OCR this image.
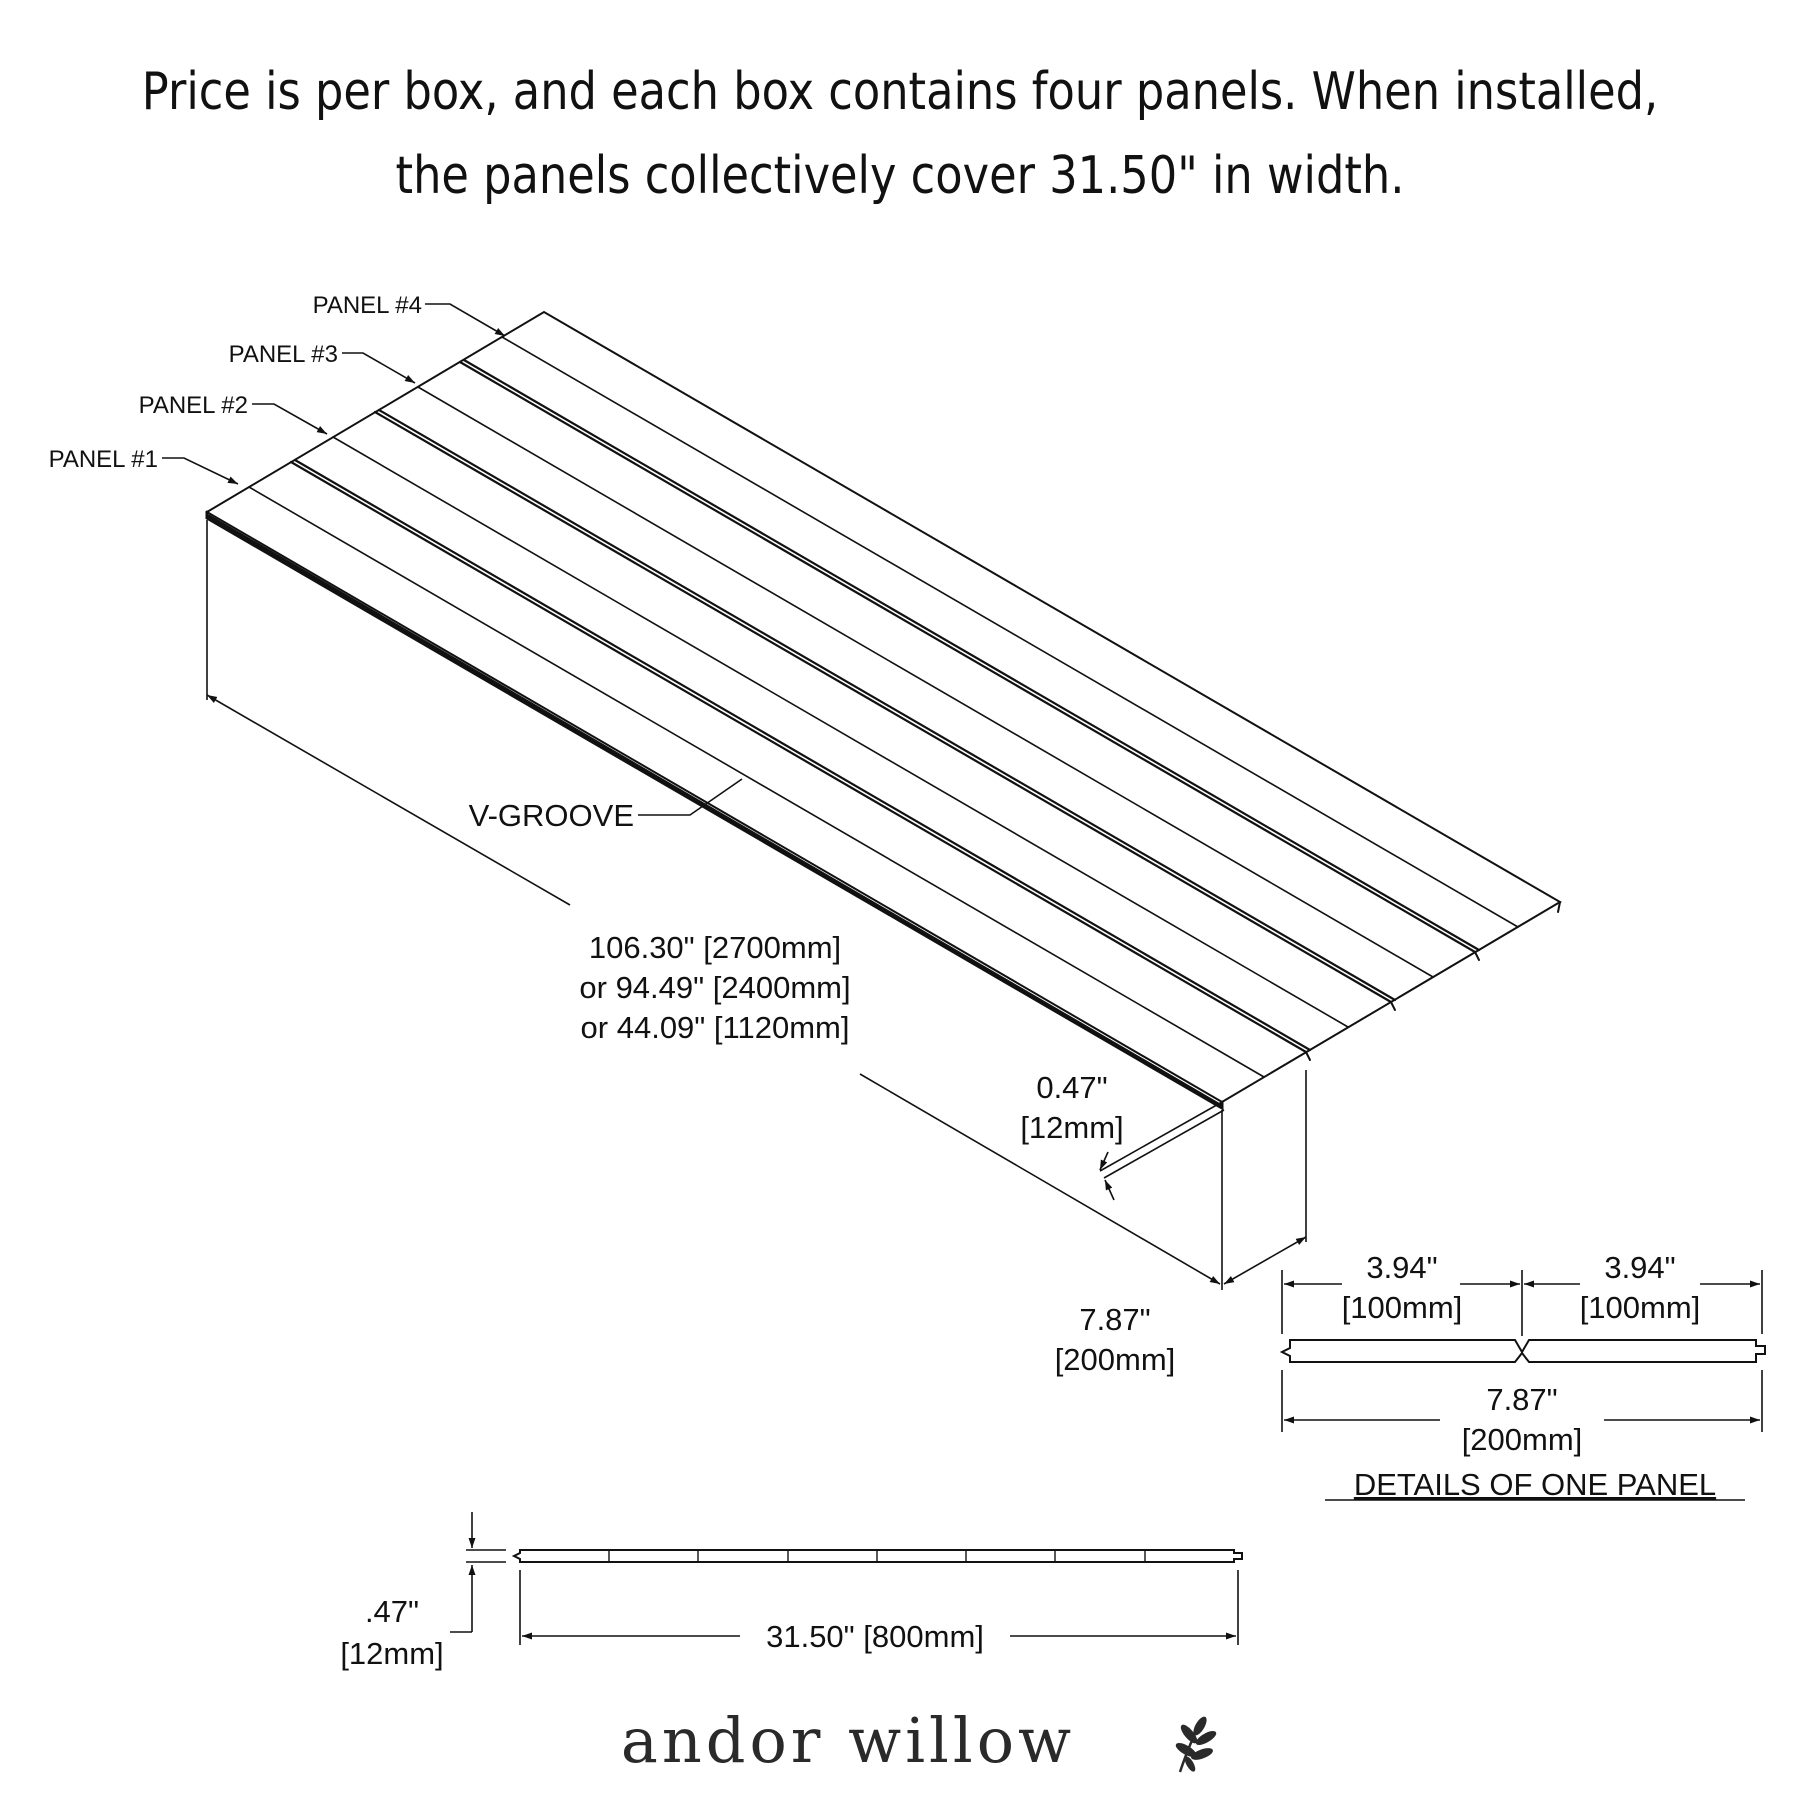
Price is per box, and each box contains four panels. When installed,
the panels collectively cover 31.50" in width.
PANEL #1
PANEL #2
PANEL #3
PANEL #4
V-GROOVE
106.30" [2700mm]
or 94.49" [2400mm]
or 44.09" [1120mm]
7.87"
[200mm]
0.47"
[12mm]
3.94"
[100mm]
3.94"
[100mm]
7.87"
[200mm]
DETAILS OF ONE PANEL
31.50" [800mm]
.47"
[12mm]
andor willow
